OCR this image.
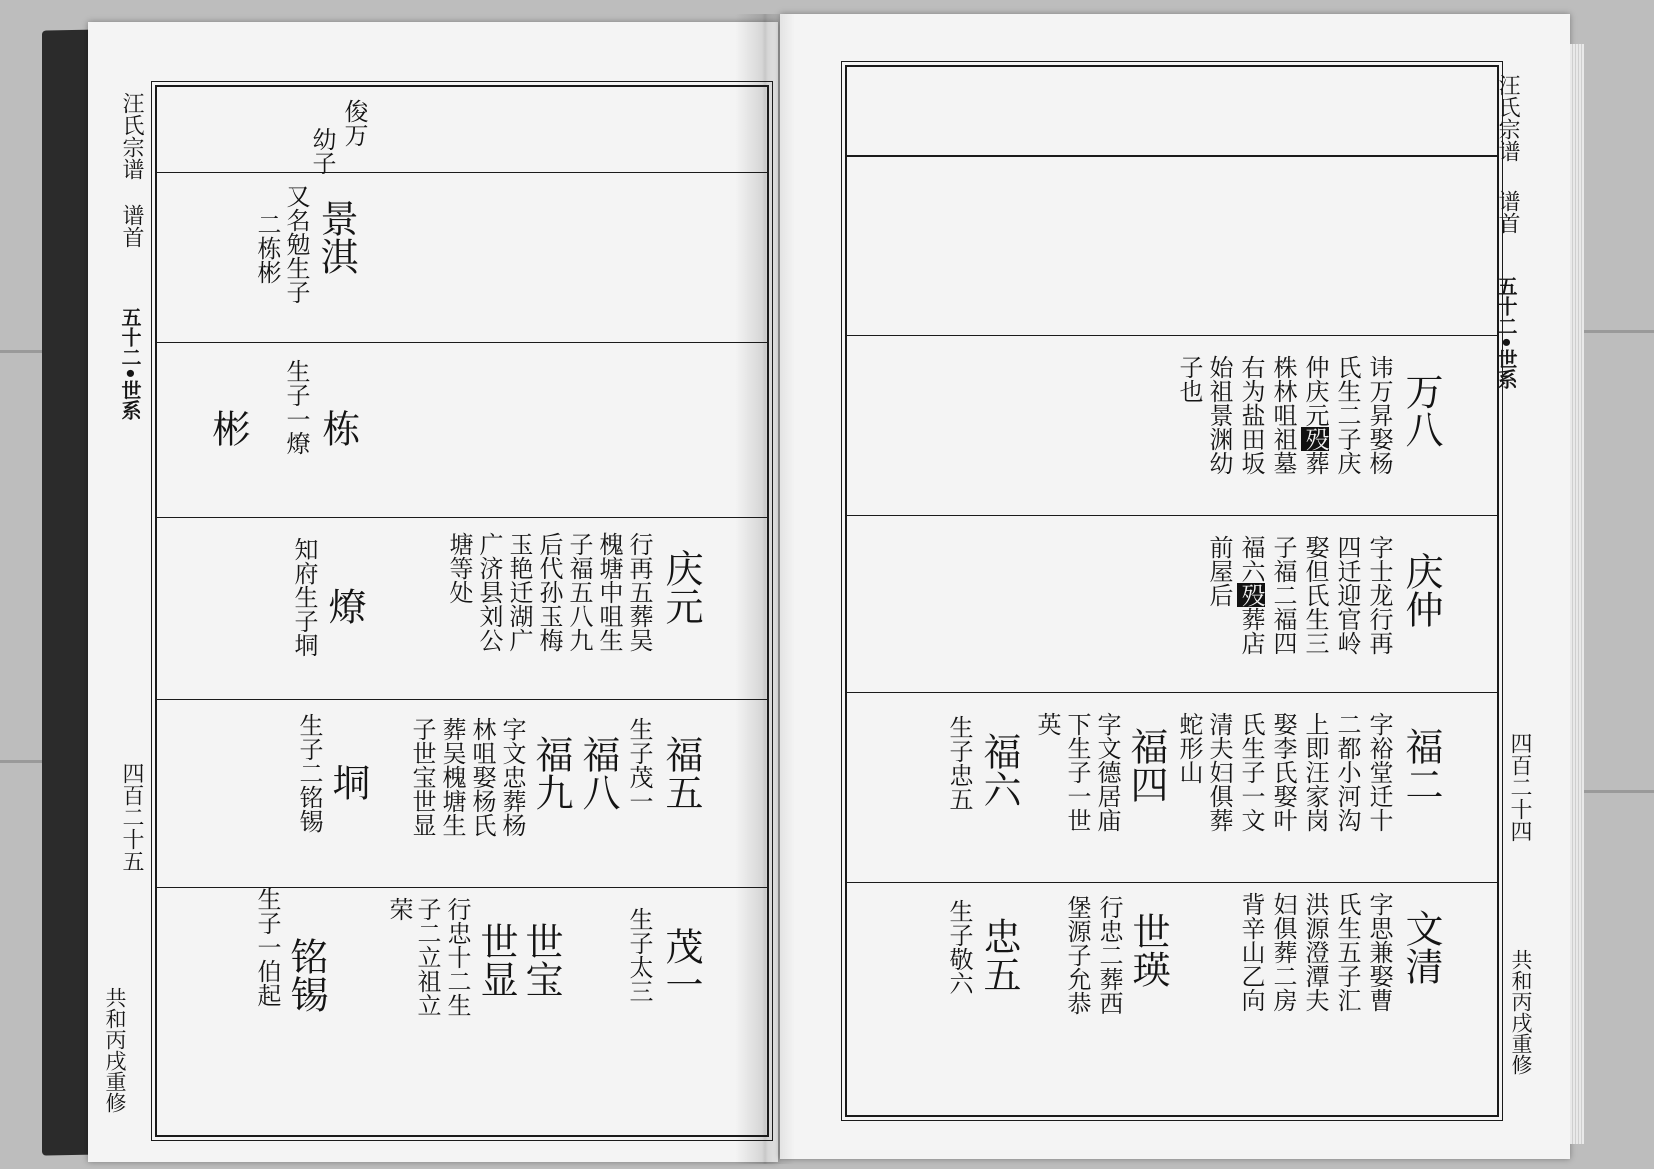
汪氏宗谱
谱首
五十二•世系
四百二十五
共和丙戌重修
汪氏宗谱
谱首
五十二•世系
四百二十四
共和丙戌重修
俊万
幼子
景淇
又名勉生子
二栋彬
栋
生子一燎
彬
庆元
行再五葬吴
槐塘中咀生
子福五八九
后代孙玉梅
玉艳迁湖广
广济县刘公
塘等处
燎
知府生子垌
福五
生子茂一
福八
福九
字文忠葬杨
林咀娶杨氏
葬吴槐塘生
子世宝世显
垌
生子二铭锡
茂一
生子太三
世宝
世显
行忠十二生
子二立祖立
荣
铭锡
生子一伯起
万八
讳万昇娶杨
氏生二子庆
仲庆元殁葬
株林咀祖墓
右为盐田坂
始祖景渊幼
子也
庆仲
字士龙行再
四迁迎官岭
娶但氏生三
子福二福四
福六殁葬店
前屋后
福二
字裕堂迁十
二都小河沟
上即汪家岗
娶李氏娶叶
氏生子一文
清夫妇俱葬
蛇形山
福四
字文德居庙
下生子一世
英
福六
生子忠五
文清
字思兼娶曹
氏生五子汇
洪源澄潭夫
妇俱葬二房
背辛山乙向
世瑛
行忠二葬西
堡源子允恭
忠五
生子敬六
